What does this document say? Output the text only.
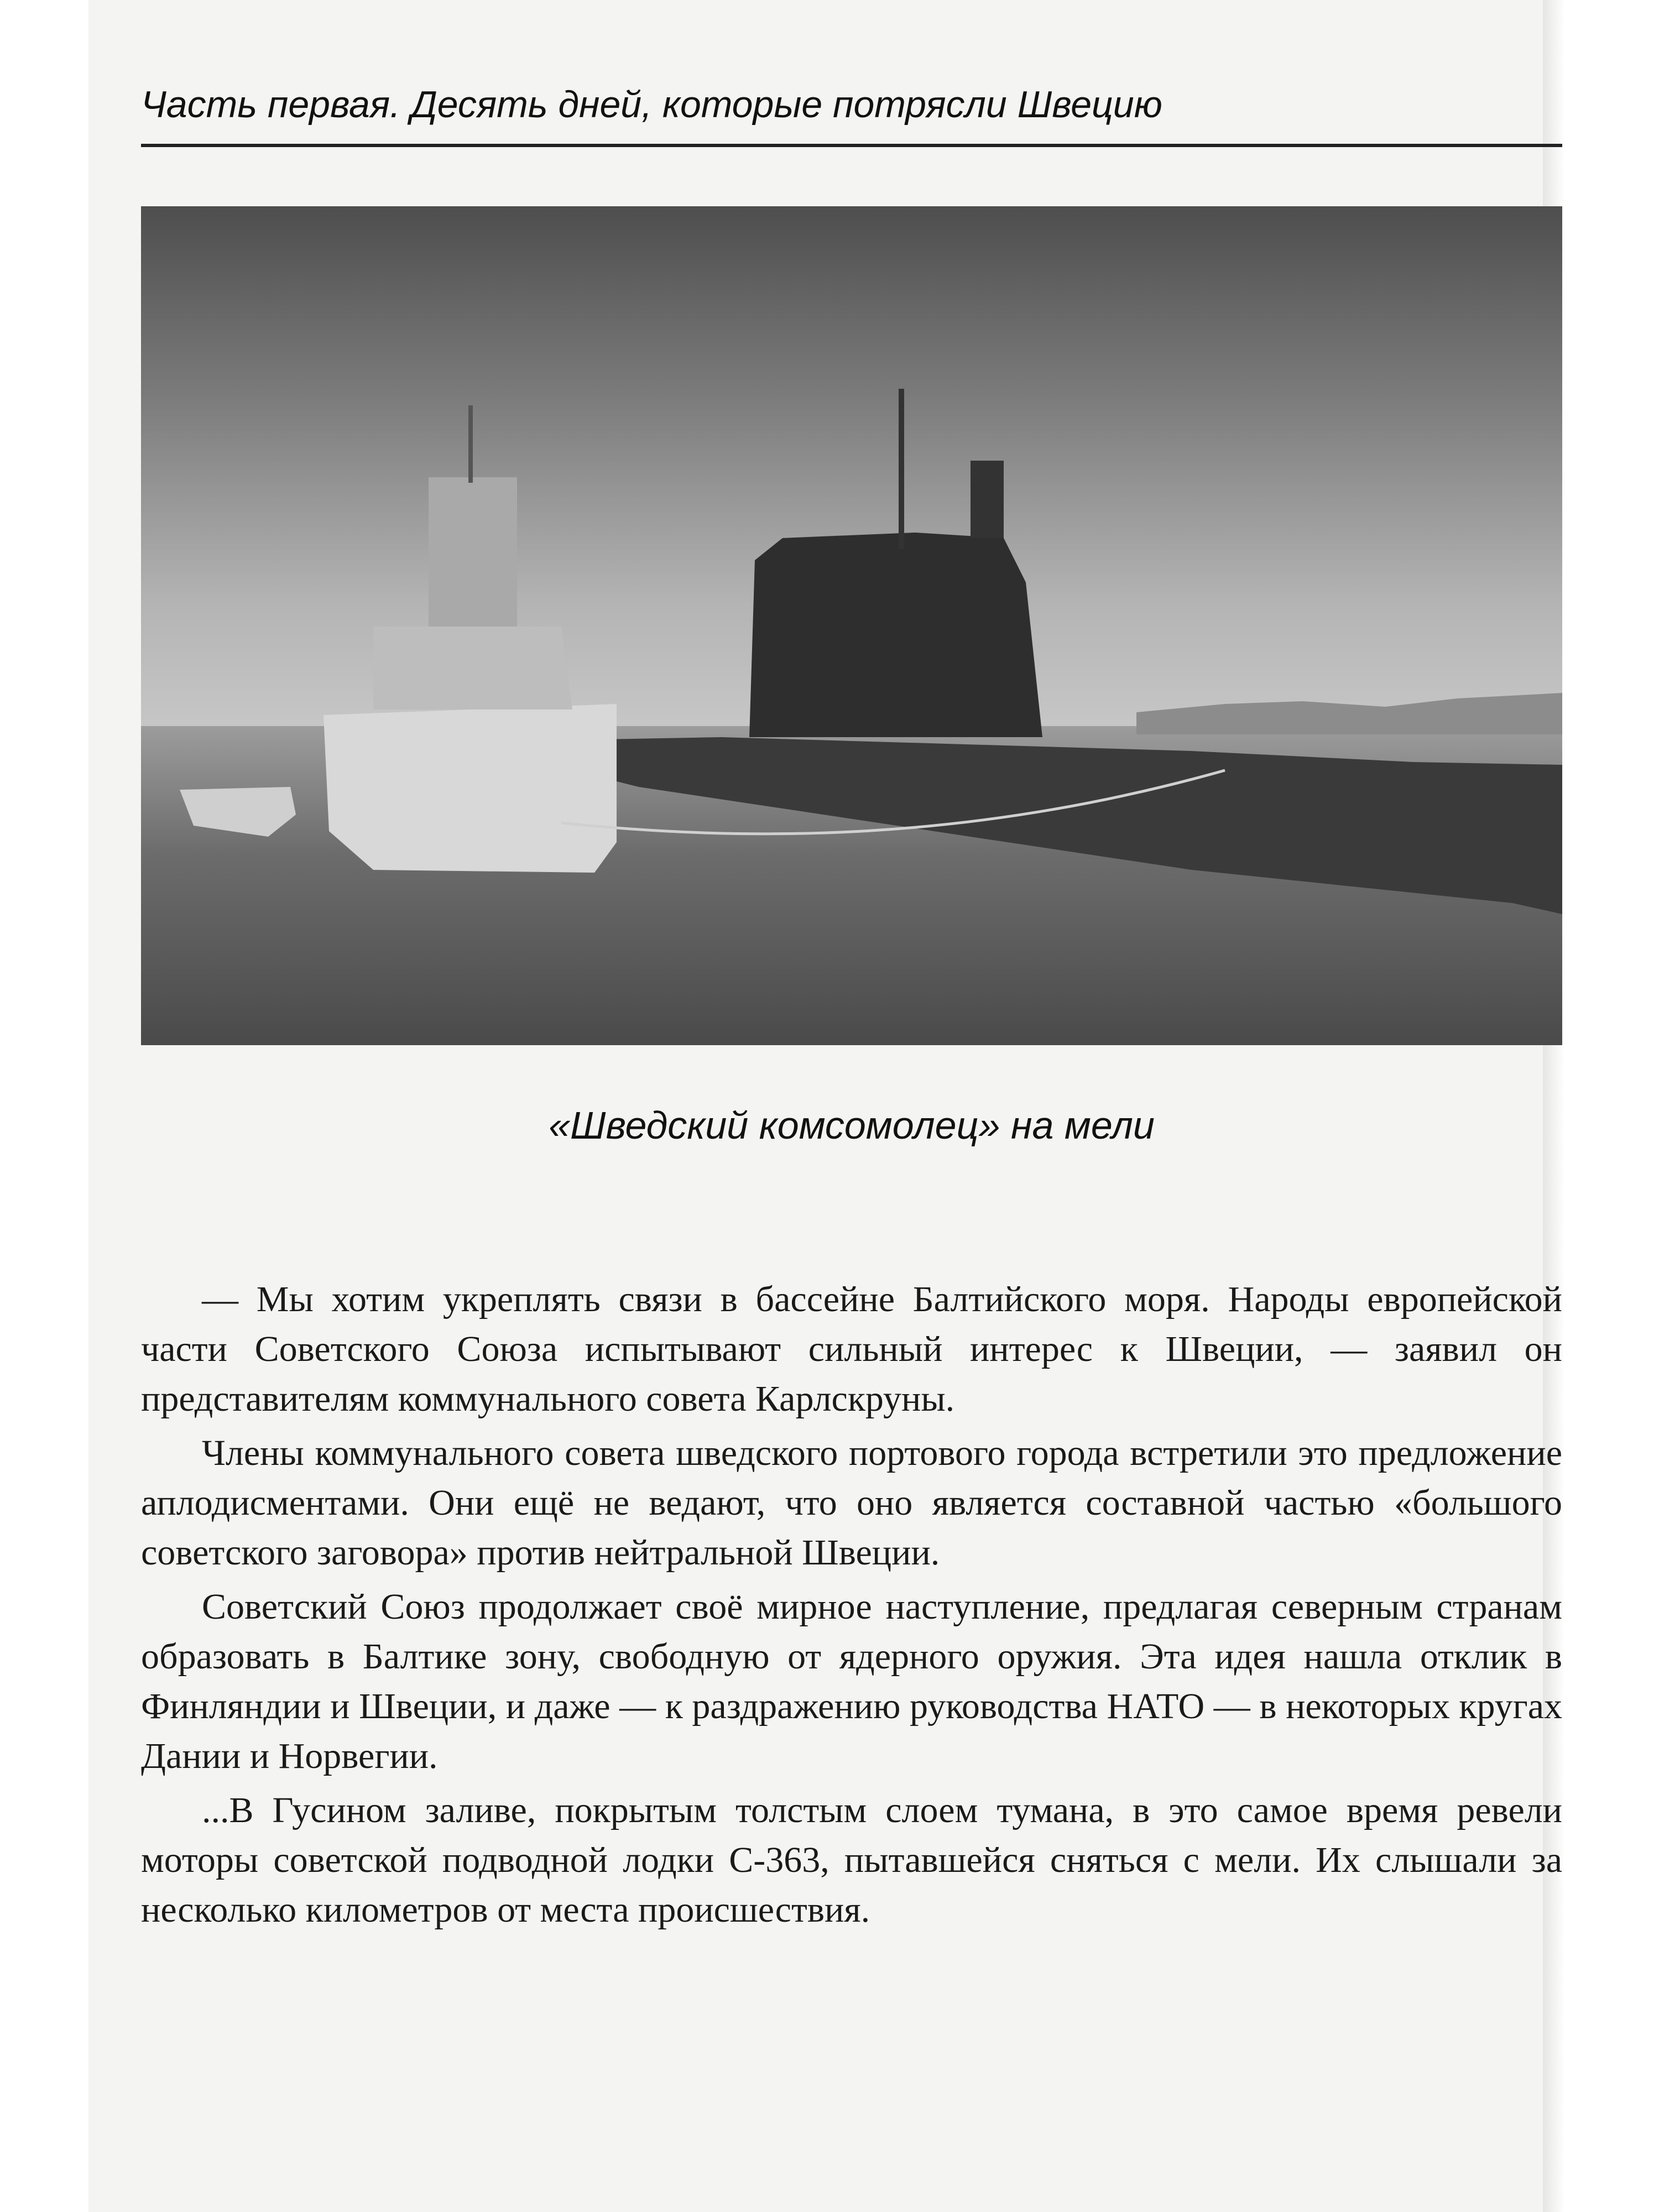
Часть первая. Десять дней, которые потрясли Швецию
«Шведский комсомолец» на мели

— Мы хотим укреплять связи в бассейне Балтийского моря. Народы европейской части Советского Союза испытывают сильный интерес к Швеции, — заявил он представителям коммунального совета Карлскруны.

Члены коммунального совета шведского портового города встретили это предложение аплодисментами. Они ещё не ведают, что оно является составной частью «большого советского заговора» против нейтральной Швеции.

Советский Союз продолжает своё мирное наступление, предлагая северным странам образовать в Балтике зону, свободную от ядерного оружия. Эта идея нашла отклик в Финляндии и Швеции, и даже — к раздражению руководства НАТО — в некоторых кругах Дании и Норвегии.

...В Гусином заливе, покрытым толстым слоем тумана, в это самое время ревели моторы советской подводной лодки С-363, пытавшейся сняться с мели. Их слышали за несколько километров от места происшествия.
